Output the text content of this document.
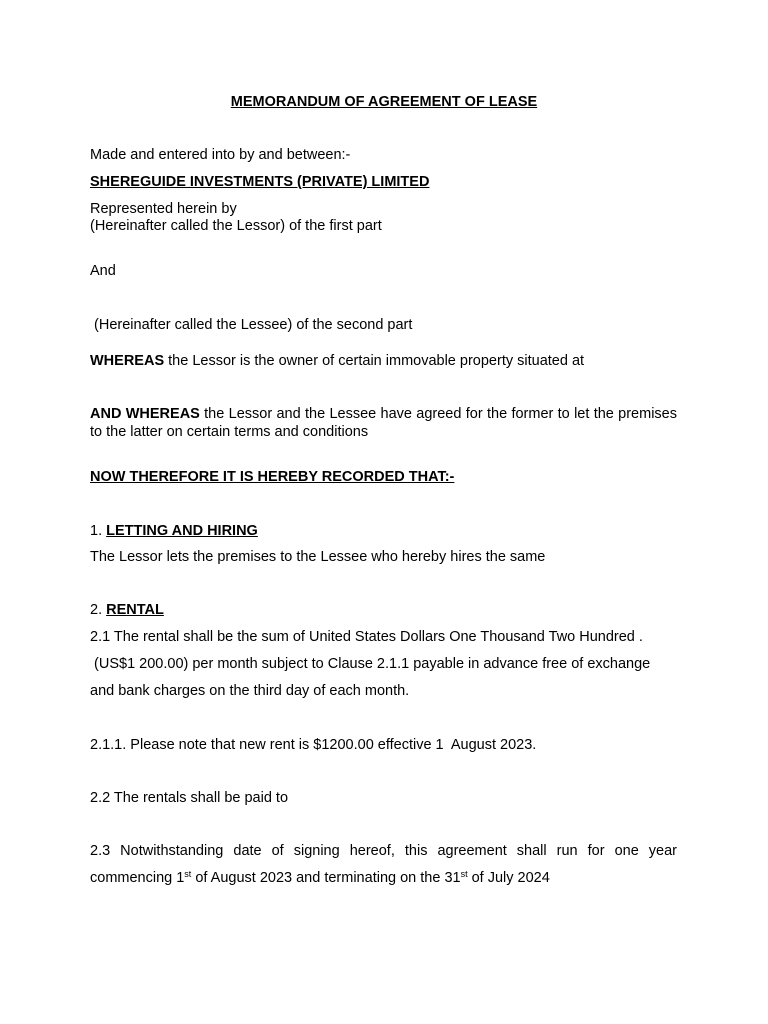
MEMORANDUM OF AGREEMENT OF LEASE

Made and entered into by and between:-

SHEREGUIDE INVESTMENTS (PRIVATE) LIMITED

Represented herein by

(Hereinafter called the Lessor) of the first part

And

(Hereinafter called the Lessee) of the second part

WHEREAS the Lessor is the owner of certain immovable property situated at

AND WHEREAS the Lessor and the Lessee have agreed for the former to let the premises to the latter on certain terms and conditions

NOW THEREFORE IT IS HEREBY RECORDED THAT:-

1. LETTING AND HIRING

The Lessor lets the premises to the Lessee who hereby hires the same

2. RENTAL

2.1 The rental shall be the sum of United States Dollars One Thousand Two Hundred .

(US$1 200.00) per month subject to Clause 2.1.1 payable in advance free of exchange

and bank charges on the third day of each month.

2.1.1. Please note that new rent is $1200.00 effective 1  August 2023.

2.2 The rentals shall be paid to

2.3 Notwithstanding date of signing hereof, this agreement shall run for one year

commencing 1st of August 2023 and terminating on the 31st of July 2024
